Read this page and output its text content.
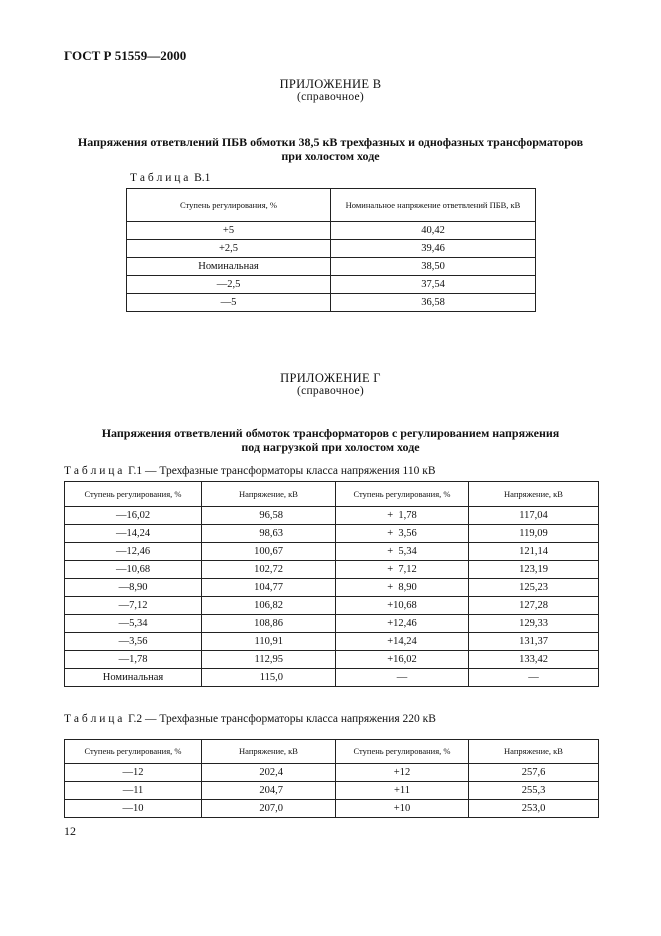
ГОСТ Р 51559—2000
ПРИЛОЖЕНИЕ В
(справочное)
Напряжения ответвлений ПБВ обмотки 38,5 кВ трехфазных и однофазных трансформаторов
при холостом ходе
Т а б л и ц а  В.1
Ступень регулирования, %	Номинальное напряжение ответвлений ПБВ, кВ
+5	40,42
+2,5	39,46
Номинальная	38,50
—2,5	37,54
—5	36,58
ПРИЛОЖЕНИЕ Г
(справочное)
Напряжения ответвлений обмоток трансформаторов с регулированием напряжения
под нагрузкой при холостом ходе
Т а б л и ц а  Г.1 — Трехфазные трансформаторы класса напряжения 110 кВ
Ступень регулирования, %	Напряжение, кВ	Ступень регулирования, %	Напряжение, кВ
—16,02	96,58	+  1,78	117,04
—14,24	98,63	+  3,56	119,09
—12,46	100,67	+  5,34	121,14
—10,68	102,72	+  7,12	123,19
—8,90	104,77	+  8,90	125,23
—7,12	106,82	+10,68	127,28
—5,34	108,86	+12,46	129,33
—3,56	110,91	+14,24	131,37
—1,78	112,95	+16,02	133,42
Номинальная	115,0	—	—
Т а б л и ц а  Г.2 — Трехфазные трансформаторы класса напряжения 220 кВ
Ступень регулирования, %	Напряжение, кВ	Ступень регулирования, %	Напряжение, кВ
—12	202,4	+12	257,6
—11	204,7	+11	255,3
—10	207,0	+10	253,0
12
